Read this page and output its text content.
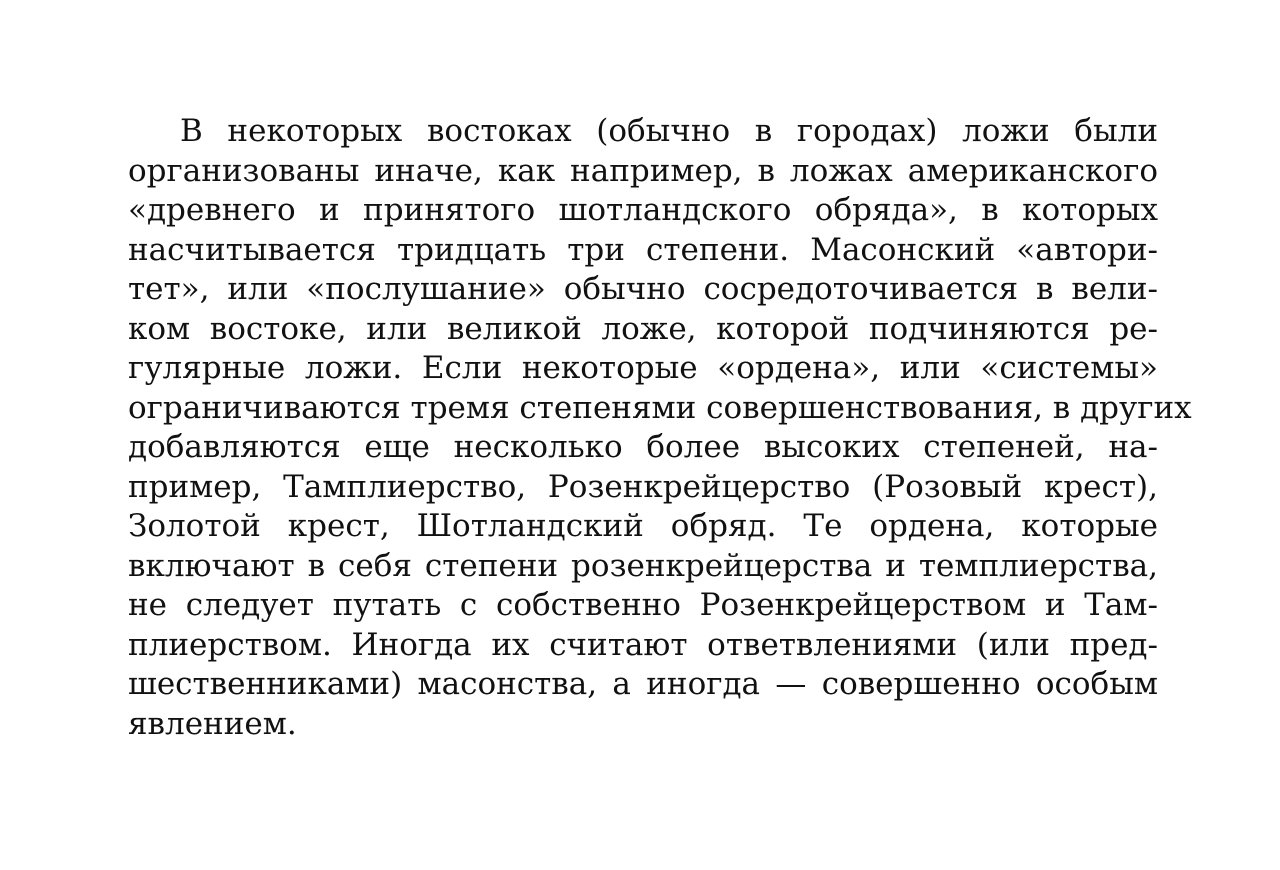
В некоторых востоках (обычно в городах) ложи были
организованы иначе, как например, в ложах американского
«древнего и принятого шотландского обряда», в которых
насчитывается тридцать три степени. Масонский «автори-
тет», или «послушание» обычно сосредоточивается в вели-
ком востоке, или великой ложе, которой подчиняются ре-
гулярные ложи. Если некоторые «ордена», или «системы»
ограничиваются тремя степенями совершенствования, в других
добавляются еще несколько более высоких степеней, на-
пример, Тамплиерство, Розенкрейцерство (Розовый крест),
Золотой крест, Шотландский обряд. Те ордена, которые
включают в себя степени розенкрейцерства и темплиерства,
не следует путать с собственно Розенкрейцерством и Там-
плиерством. Иногда их считают ответвлениями (или пред-
шественниками) масонства, а иногда — совершенно особым
явлением.
